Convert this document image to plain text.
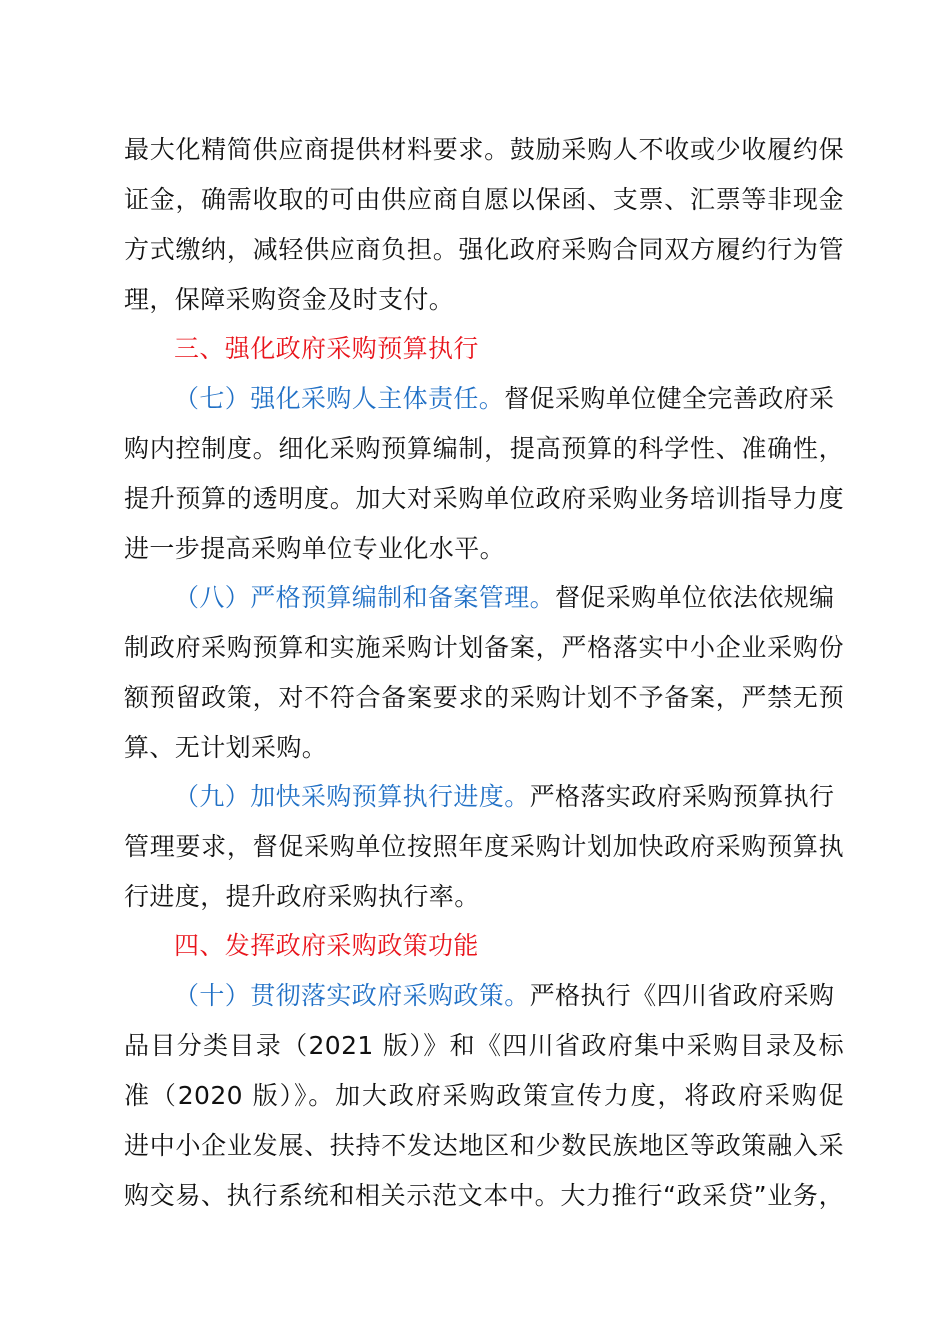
最大化精简供应商提供材料要求。鼓励采购人不收或少收履约保
证金，确需收取的可由供应商自愿以保函、支票、汇票等非现金
方式缴纳，减轻供应商负担。强化政府采购合同双方履约行为管
理，保障采购资金及时支付。
三、强化政府采购预算执行
（七）强化采购人主体责任。督促采购单位健全完善政府采
购内控制度。细化采购预算编制，提高预算的科学性、准确性，
提升预算的透明度。加大对采购单位政府采购业务培训指导力度
进一步提高采购单位专业化水平。
（八）严格预算编制和备案管理。督促采购单位依法依规编
制政府采购预算和实施采购计划备案，严格落实中小企业采购份
额预留政策，对不符合备案要求的采购计划不予备案，严禁无预
算、无计划采购。
（九）加快采购预算执行进度。严格落实政府采购预算执行
管理要求，督促采购单位按照年度采购计划加快政府采购预算执
行进度，提升政府采购执行率。
四、发挥政府采购政策功能
（十）贯彻落实政府采购政策。严格执行《四川省政府采购
品目分类目录（2021 版）》和《四川省政府集中采购目录及标
准（2020 版）》。加大政府采购政策宣传力度，将政府采购促
进中小企业发展、扶持不发达地区和少数民族地区等政策融入采
购交易、执行系统和相关示范文本中。大力推行“政采贷”业务，
